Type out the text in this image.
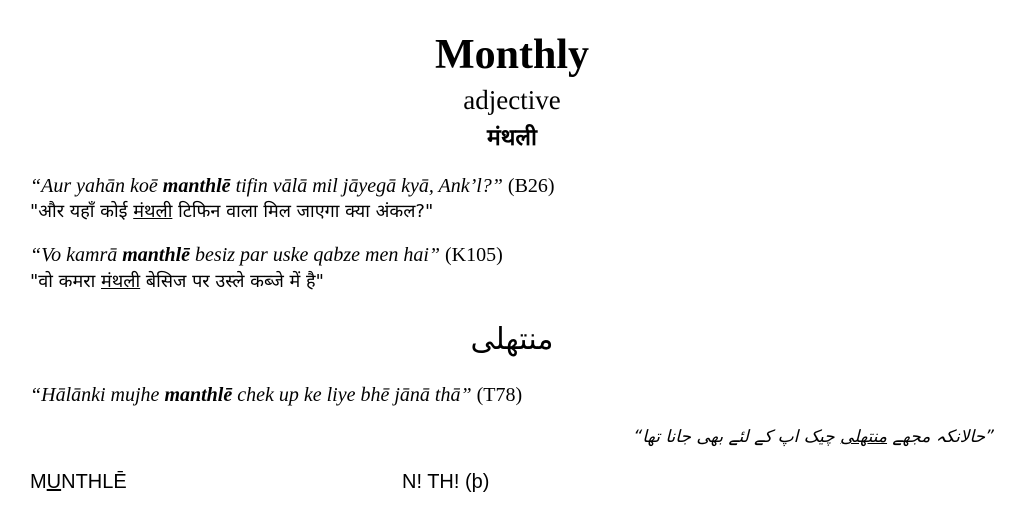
Monthly
adjective
मंथली
“Aur yahān koē manthlē tifin vālā mil jāyegā kyā, Ank’l?” (B26)
"और यहाँ कोई मंथली टिफिन वाला मिल जाएगा क्या अंकल?"
“Vo kamrā manthlē besiz par uske qabze men hai” (K105)
"वो कमरा मंथली बेसिज पर उस्ले कब्जे में है"
منتھلی
“Hālānki mujhe manthlē chek up ke liye bhē jānā thā” (T78)
”حالانکہ مجھے منتھلی چیک اپ کے لئے بھی جانا تھا“
MUNTHLĒ	N! TH! (þ)
